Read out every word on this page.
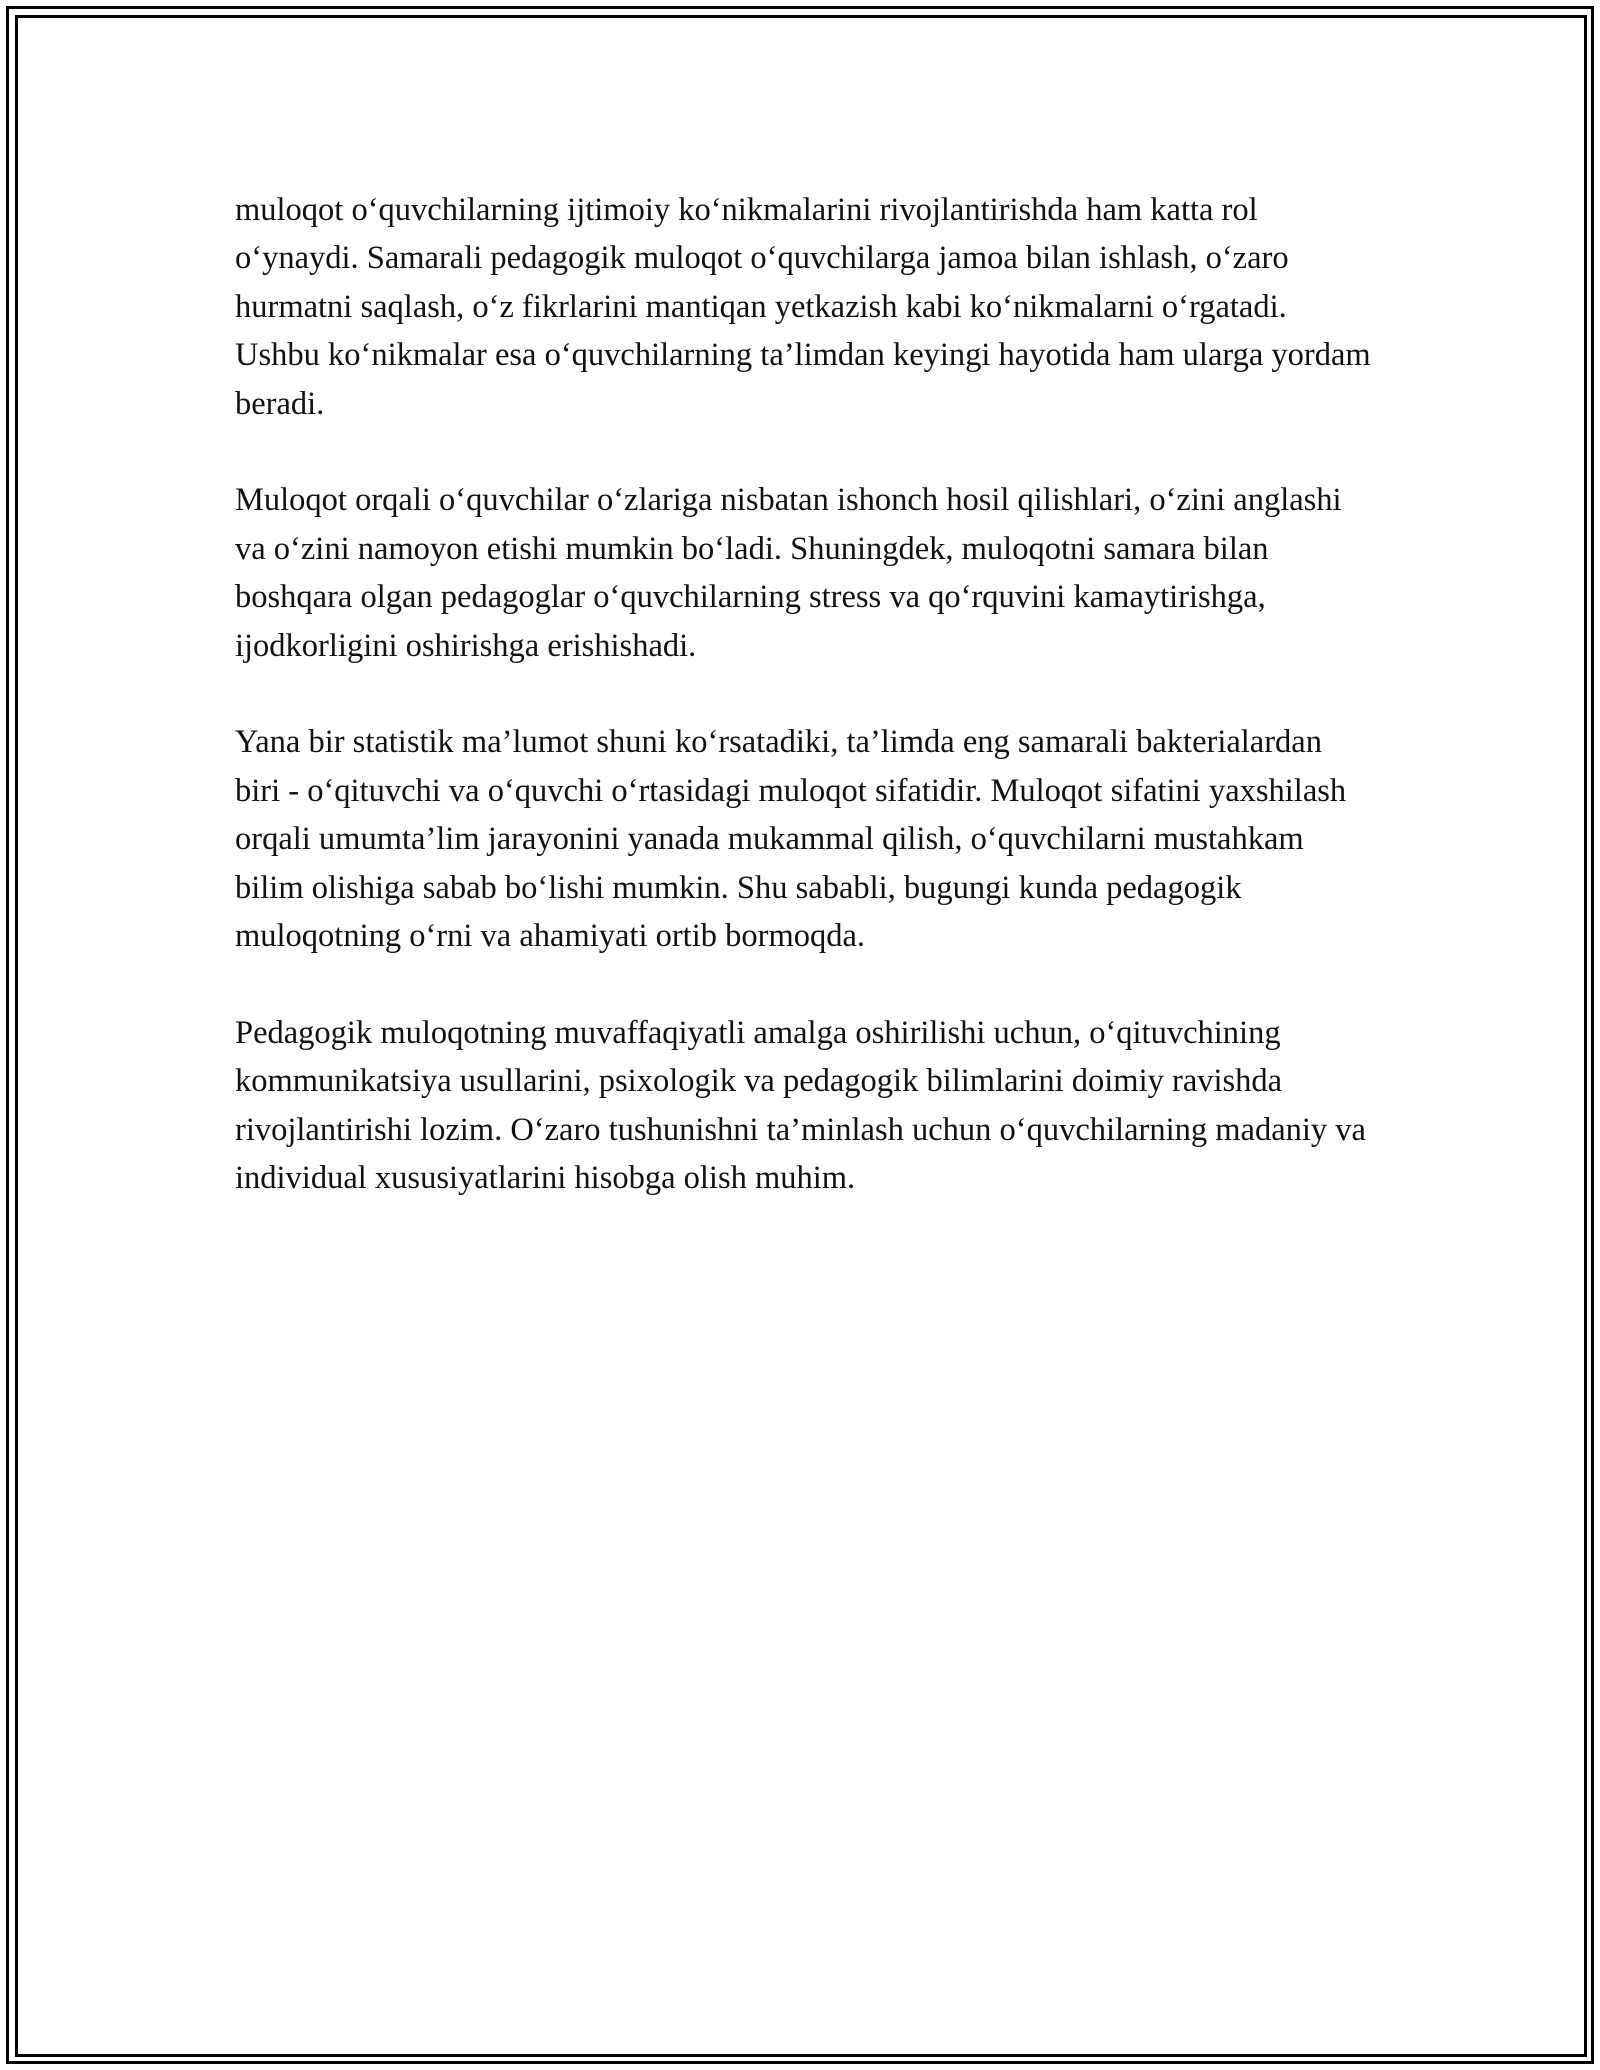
muloqot o‘quvchilarning ijtimoiy ko‘nikmalarini rivojlantirishda ham katta rol o‘ynaydi. Samarali pedagogik muloqot o‘quvchilarga jamoa bilan ishlash, o‘zaro hurmatni saqlash, o‘z fikrlarini mantiqan yetkazish kabi ko‘nikmalarni o‘rgatadi. Ushbu ko‘nikmalar esa o‘quvchilarning ta’limdan keyingi hayotida ham ularga yordam beradi.

Muloqot orqali o‘quvchilar o‘zlariga nisbatan ishonch hosil qilishlari, o‘zini anglashi va o‘zini namoyon etishi mumkin bo‘ladi. Shuningdek, muloqotni samara bilan boshqara olgan pedagoglar o‘quvchilarning stress va qo‘rquvini kamaytirishga, ijodkorligini oshirishga erishishadi.

Yana bir statistik ma’lumot shuni ko‘rsatadiki, ta’limda eng samarali bakterialardan biri - o‘qituvchi va o‘quvchi o‘rtasidagi muloqot sifatidir. Muloqot sifatini yaxshilash orqali umumta’lim jarayonini yanada mukammal qilish, o‘quvchilarni mustahkam bilim olishiga sabab bo‘lishi mumkin. Shu sababli, bugungi kunda pedagogik muloqotning o‘rni va ahamiyati ortib bormoqda.

Pedagogik muloqotning muvaffaqiyatli amalga oshirilishi uchun, o‘qituvchining kommunikatsiya usullarini, psixologik va pedagogik bilimlarini doimiy ravishda rivojlantirishi lozim. O‘zaro tushunishni ta’minlash uchun o‘quvchilarning madaniy va individual xususiyatlarini hisobga olish muhim.
